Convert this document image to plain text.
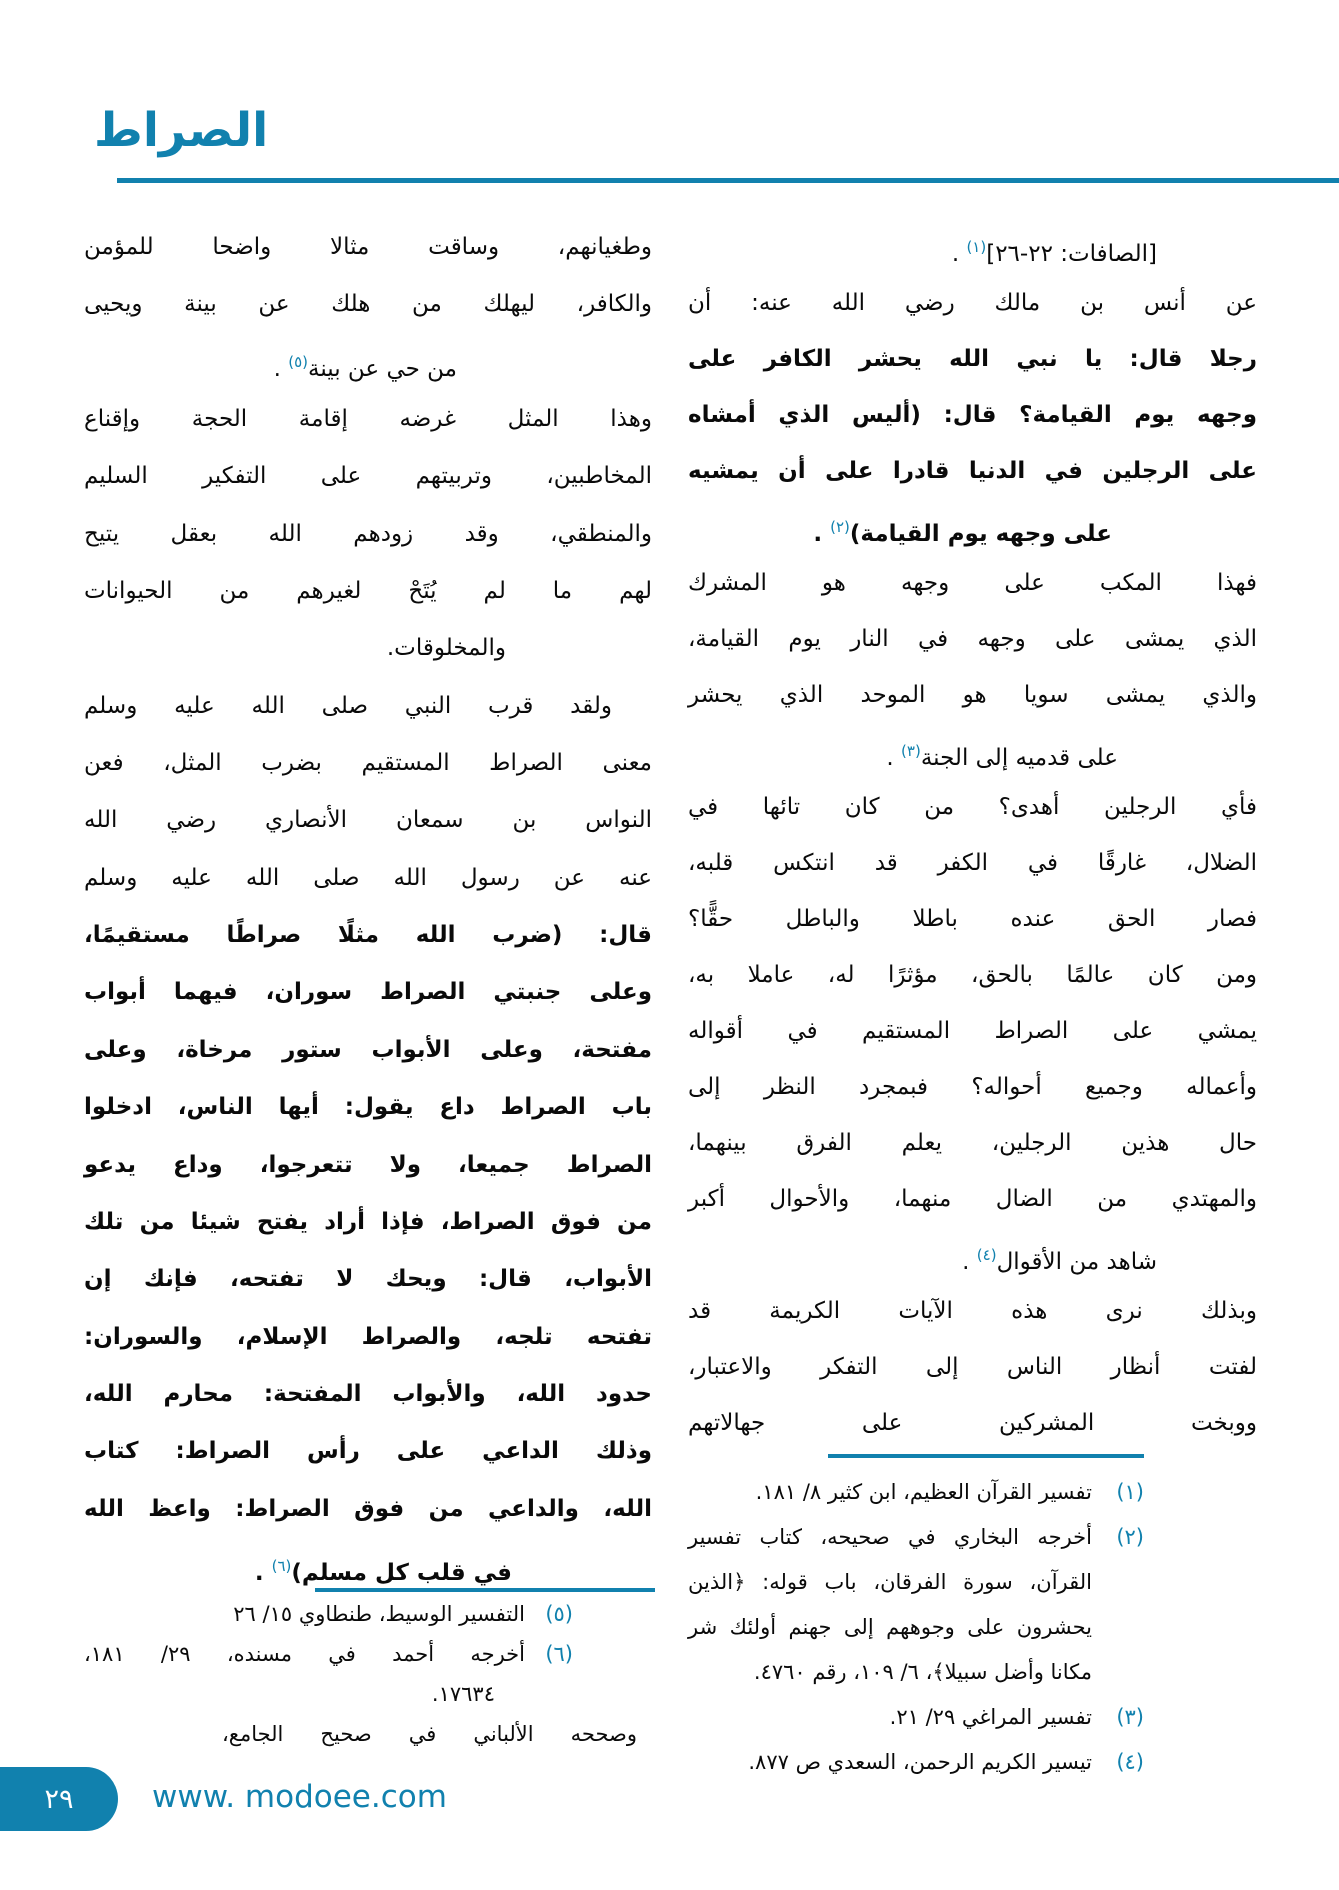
الصراط
[الصافات: ٢٢-٢٦]$^{(١)}$ .
عن أنس بن مالك رضي الله عنه: أن
رجلا قال: يا نبي الله يحشر الكافر على
وجهه يوم القيامة؟ قال: (أليس الذي أمشاه
على الرجلين في الدنيا قادرا على أن يمشيه
على وجهه يوم القيامة)$^{(٢)}$ .
فهذا المكب على وجهه هو المشرك
الذي يمشى على وجهه في النار يوم القيامة،
والذي يمشى سويا هو الموحد الذي يحشر
على قدميه إلى الجنة$^{(٣)}$ .
فأي الرجلين أهدى؟ من كان تائها في
الضلال، غارقًا في الكفر قد انتكس قلبه،
فصار الحق عنده باطلا والباطل حقًّا؟
ومن كان عالمًا بالحق، مؤثرًا له، عاملا به،
يمشي على الصراط المستقيم في أقواله
وأعماله وجميع أحواله؟ فبمجرد النظر إلى
حال هذين الرجلين، يعلم الفرق بينهما،
والمهتدي من الضال منهما، والأحوال أكبر
شاهد من الأقوال$^{(٤)}$ .
وبذلك نرى هذه الآيات الكريمة قد
لفتت أنظار الناس إلى التفكر والاعتبار،
ووبخت المشركين على جهالاتهم
وطغيانهم، وساقت مثالا واضحا للمؤمن
والكافر، ليهلك من هلك عن بينة ويحيى
من حي عن بينة$^{(٥)}$ .
وهذا المثل غرضه إقامة الحجة وإقناع
المخاطبين، وتربيتهم على التفكير السليم
والمنطقي، وقد زودهم الله بعقل يتيح
لهم ما لم يُتَحْ لغيرهم من الحيوانات
والمخلوقات.
ولقد قرب النبي صلى الله عليه وسلم
معنى الصراط المستقيم بضرب المثل، فعن
النواس بن سمعان الأنصاري رضي الله
عنه عن رسول الله صلى الله عليه وسلم
قال: (ضرب الله مثلًا صراطًا مستقيمًا،
وعلى جنبتي الصراط سوران، فيهما أبواب
مفتحة، وعلى الأبواب ستور مرخاة، وعلى
باب الصراط داع يقول: أيها الناس، ادخلوا
الصراط جميعا، ولا تتعرجوا، وداع يدعو
من فوق الصراط، فإذا أراد يفتح شيئا من تلك
الأبواب، قال: ويحك لا تفتحه، فإنك إن
تفتحه تلجه، والصراط الإسلام، والسوران:
حدود الله، والأبواب المفتحة: محارم الله،
وذلك الداعي على رأس الصراط: كتاب
الله، والداعي من فوق الصراط: واعظ الله
في قلب كل مسلم)$^{(٦)}$ .
(١)
تفسير القرآن العظيم، ابن كثير ٨/ ١٨١.
(٢)
أخرجه البخاري في صحيحه، كتاب تفسير
القرآن، سورة الفرقان، باب قوله: ﴿الذين
يحشرون على وجوههم إلى جهنم أولئك شر
مكانا وأضل سبيلا﴾، ٦/ ١٠٩، رقم ٤٧٦٠.
(٣)
تفسير المراغي ٢٩/ ٢١.
(٤)
تيسير الكريم الرحمن، السعدي ص ٨٧٧.
(٥)
التفسير الوسيط، طنطاوي ١٥/ ٢٦
(٦)
أخرجه أحمد في مسنده، ٢٩/ ١٨١،
١٧٦٣٤.
وصححه الألباني في صحيح الجامع،
٢٩	www. modoee.com
